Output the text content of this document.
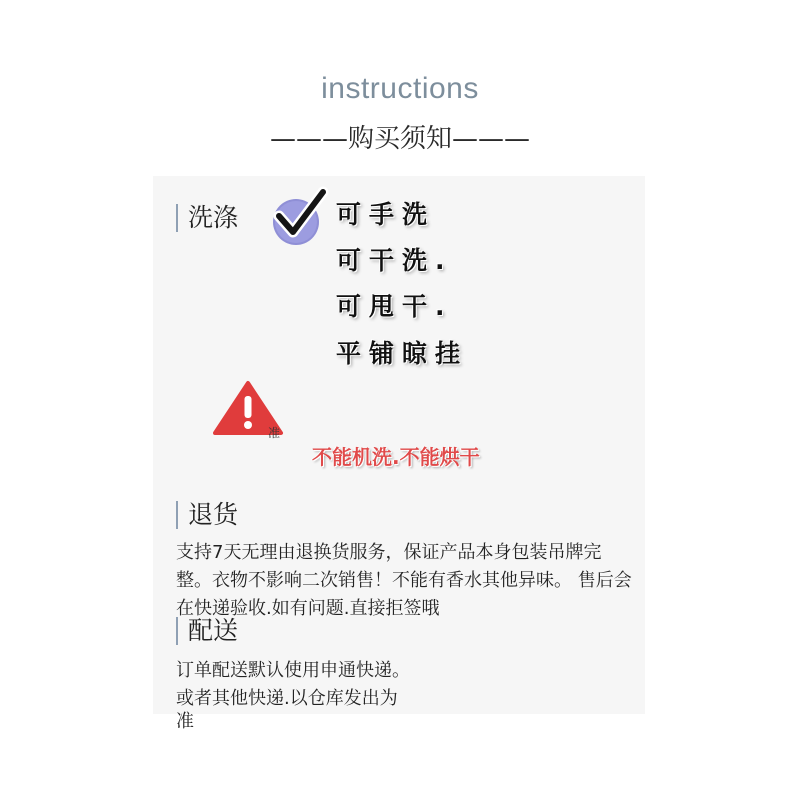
instructions
———购买须知———
洗涤	可手洗
可干洗.
可甩干.
平铺晾挂
准
不能机洗.不能烘干
退货
支持7天无理由退换货服务，保证产品本身包装吊牌完整。衣物不影响二次销售！不能有香水其他异味。 售后会在快递验收.如有问题.直接拒签哦
配送
订单配送默认使用申通快递。
或者其他快递.以仓库发出为
准
